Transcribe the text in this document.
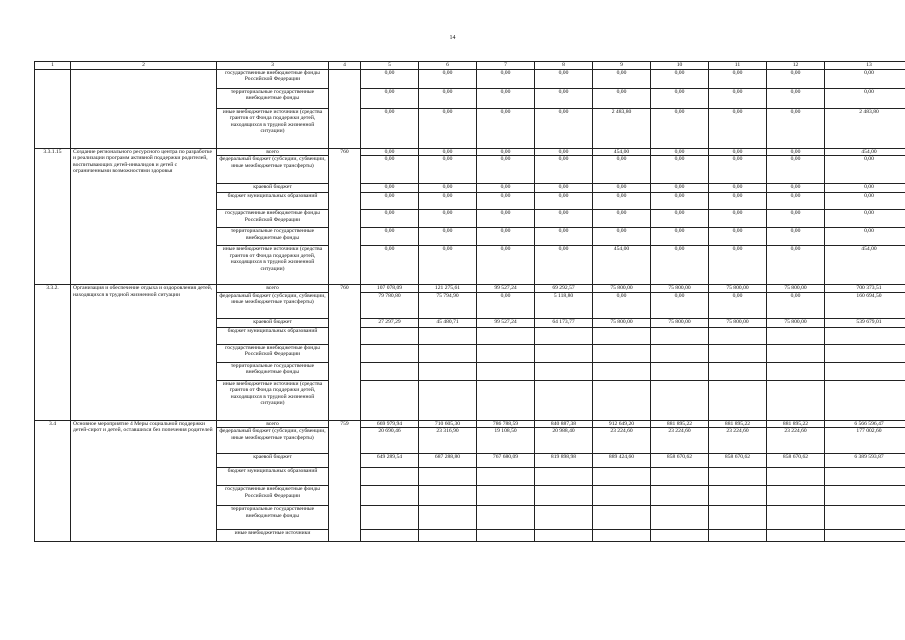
14
1	2	3	4	5	6	7	8	9	10	11	12	13
		государственные внебюджетные фонды Российской Федерации		0,00	0,00	0,00	0,00	0,00	0,00	0,00	0,00	0,00
		территориальные государственные внебюджетные фонды		0,00	0,00	0,00	0,00	0,00	0,00	0,00	0,00	0,00
		иные внебюджетные источники (средства грантов от Фонда поддержки детей, находящихся в трудной жизненной ситуации)		0,00	0,00	0,00	0,00	2 483,80	0,00	0,00	0,00	2 483,80
3.3.1.15	Создание регионального ресурсного центра по разработке и реализации программ активной поддержки родителей, воспитывающих детей-инвалидов и детей с ограниченными возможностями здоровья	всего	760	0,00	0,00	0,00	0,00	454,00	0,00	0,00	0,00	454,00
		федеральный бюджет (субсидии, субвенции, иные межбюджетные трансферты)		0,00	0,00	0,00	0,00	0,00	0,00	0,00	0,00	0,00
		краевой бюджет		0,00	0,00	0,00	0,00	0,00	0,00	0,00	0,00	0,00
		бюджет муниципальных образований		0,00	0,00	0,00	0,00	0,00	0,00	0,00	0,00	0,00
		государственные внебюджетные фонды Российской Федерации		0,00	0,00	0,00	0,00	0,00	0,00	0,00	0,00	0,00
		территориальные государственные внебюджетные фонды		0,00	0,00	0,00	0,00	0,00	0,00	0,00	0,00	0,00
		иные внебюджетные источники (средства грантов от Фонда поддержки детей, находящихся в трудной жизненной ситуации)		0,00	0,00	0,00	0,00	454,00	0,00	0,00	0,00	454,00
3.3.2.	Организация и обеспечение отдыха и оздоровления детей, находящихся в трудной жизненной ситуации	всего	760	107 078,09	121 275,61	99 527,24	69 292,57	75 800,00	75 800,00	75 800,00	75 800,00	700 373,51
		федеральный бюджет (субсидии, субвенции, иные межбюджетные трансферты)		79 780,80	75 794,90	0,00	5 118,80	0,00	0,00	0,00	0,00	160 694,50
		краевой бюджет		27 297,29	45 480,71	99 527,24	64 173,77	75 800,00	75 800,00	75 800,00	75 800,00	539 679,01
		бюджет муниципальных образований										
		государственные внебюджетные фонды Российской Федерации										
		территориальные государственные внебюджетные фонды										
		иные внебюджетные источники (средства грантов от Фонда поддержки детей, находящихся в трудной жизненной ситуации)										
3.4	Основное мероприятие 4 Меры социальной поддержки детей-сирот и детей, оставшихся без попечения родителей	всего	759	669 979,94	710 605,30	786 788,59	840 887,38	912 649,20	881 895,22	881 895,22	881 895,22	6 566 596,47
		федеральный бюджет (субсидии, субвенции, иные межбюджетные трансферты)		20 690,46	23 316,90	19 108,50	20 988,40	23 224,60	23 224,60	23 224,60	23 224,60	177 002,60
		краевой бюджет		649 289,54	687 288,80	767 680,09	819 898,98	889 424,60	858 670,62	858 670,62	858 670,62	6 389 593,87
		бюджет муниципальных образований										
		государственные внебюджетные фонды Российской Федерации										
		территориальные государственные внебюджетные фонды										
		иные внебюджетные источники										
